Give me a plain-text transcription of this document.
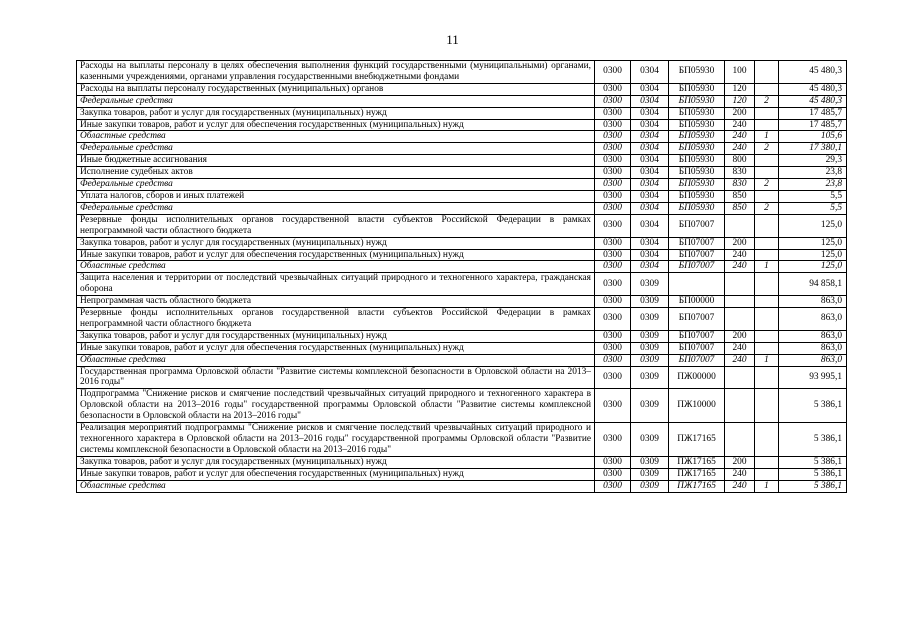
11
Расходы на выплаты персоналу в целях обеспечения выполнения функций государственными (муниципальными) органами, казенными учреждениями, органами управления государственными внебюджетными фондами	0300	0304	БП05930	100		45 480,3
Расходы на выплаты персоналу государственных (муниципальных) органов	0300	0304	БП05930	120		45 480,3
Федеральные средства	0300	0304	БП05930	120	2	45 480,3
Закупка товаров, работ и услуг для государственных (муниципальных) нужд	0300	0304	БП05930	200		17 485,7
Иные закупки товаров, работ и услуг для обеспечения государственных (муниципальных) нужд	0300	0304	БП05930	240		17 485,7
Областные средства	0300	0304	БП05930	240	1	105,6
Федеральные средства	0300	0304	БП05930	240	2	17 380,1
Иные бюджетные ассигнования	0300	0304	БП05930	800		29,3
Исполнение судебных актов	0300	0304	БП05930	830		23,8
Федеральные средства	0300	0304	БП05930	830	2	23,8
Уплата налогов, сборов и иных платежей	0300	0304	БП05930	850		5,5
Федеральные средства	0300	0304	БП05930	850	2	5,5
Резервные фонды исполнительных органов государственной власти субъектов Российской Федерации в рамках непрограммной части областного бюджета	0300	0304	БП07007			125,0
Закупка товаров, работ и услуг для государственных (муниципальных) нужд	0300	0304	БП07007	200		125,0
Иные закупки товаров, работ и услуг для обеспечения государственных (муниципальных) нужд	0300	0304	БП07007	240		125,0
Областные средства	0300	0304	БП07007	240	1	125,0
Защита населения и территории от последствий чрезвычайных ситуаций природного и техногенного характера, гражданская оборона	0300	0309				94 858,1
Непрограммная часть областного бюджета	0300	0309	БП00000			863,0
Резервные фонды исполнительных органов государственной власти субъектов Российской Федерации в рамках непрограммной части областного бюджета	0300	0309	БП07007			863,0
Закупка товаров, работ и услуг для государственных (муниципальных) нужд	0300	0309	БП07007	200		863,0
Иные закупки товаров, работ и услуг для обеспечения государственных (муниципальных) нужд	0300	0309	БП07007	240		863,0
Областные средства	0300	0309	БП07007	240	1	863,0
Государственная программа Орловской области "Развитие системы комплексной безопасности в Орловской области на 2013–2016 годы"	0300	0309	ПЖ00000			93 995,1
Подпрограмма "Снижение рисков и смягчение последствий чрезвычайных ситуаций природного и техногенного характера в Орловской области на 2013–2016 годы" государственной программы Орловской области "Развитие системы комплексной безопасности в Орловской области на 2013–2016 годы"	0300	0309	ПЖ10000			5 386,1
Реализация мероприятий подпрограммы "Снижение рисков и смягчение последствий чрезвычайных ситуаций природного и техногенного характера в Орловской области на 2013–2016 годы" государственной программы Орловской области "Развитие системы комплексной безопасности в Орловской области на 2013–2016 годы"	0300	0309	ПЖ17165			5 386,1
Закупка товаров, работ и услуг для государственных (муниципальных) нужд	0300	0309	ПЖ17165	200		5 386,1
Иные закупки товаров, работ и услуг для обеспечения государственных (муниципальных) нужд	0300	0309	ПЖ17165	240		5 386,1
Областные средства	0300	0309	ПЖ17165	240	1	5 386,1
